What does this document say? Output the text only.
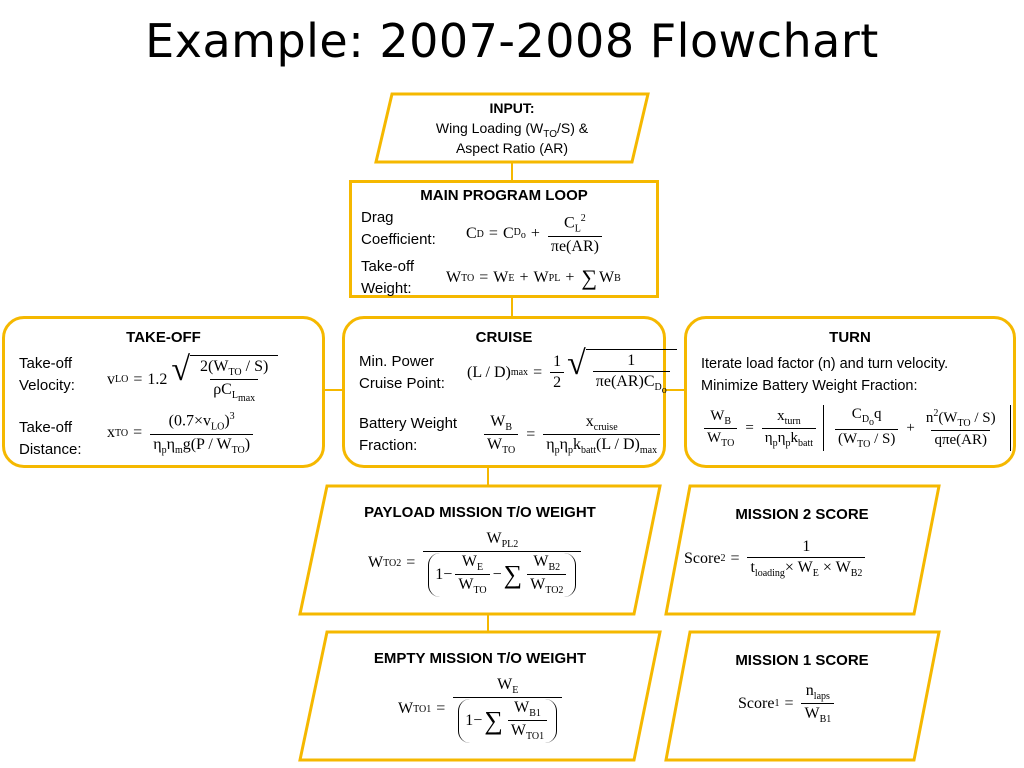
Example: 2007-2008 Flowchart
INPUT:
Wing Loading $(W_{TO}/S)$ &
Aspect Ratio (AR)
MAIN PROGRAM LOOP
Drag
Coefficient: C D = C $D_o + \frac{C_L^2}{\pi e(AR)}$
Take-off
Weight:
W TO = W E + W PL + ∑ W B
TAKE-OFF
Take-off
Velocity: v LO = 1.2 √ $\frac{2(W_{TO} / S)}{\rho C_{L_{max}}}$
Take-off
Distance:
x TO = $\frac{(0.7\times v_{LO})^3}{\eta_p\eta_mg(P / W_{TO})}$
CRUISE
Min. Power
Cruise Point:
(L / D) $\max = \frac{1}{2}$ √ $\frac{1}{\pi e(AR)C_{D_o}}$
Battery Weight
Fraction:	$\frac{W_B}{W_{TO}} = \frac{x_{cruise}}{\eta_p\eta_pk_{batt}(L / D)_{max}}$
TURN
Iterate load factor (n) and turn velocity.
Minimize Battery Weight Fraction:
$\frac{W_B}{W_{TO}} = \frac{x_{turn}}{\eta_p\eta_pk_{batt}} \frac{C_{D_o}q}{(W_{TO} / S)} + \frac{n^2(W_{TO} / S)}{\text{qπe(AR)}}$
PAYLOAD MISSION T/O WEIGHT
W $TO2 = \frac{W_{PL2}}{1- \frac{W_E}{W_{TO}} - \sum \frac{W_{B2}}{W_{TO2}}}$
MISSION 2 SCORE
Score $2 = \frac{1}{t_{loading}\times W_E \times W_{B2}}$
EMPTY MISSION T/O WEIGHT
W $TO1 = \frac{W_E}{1- \sum \frac{W_{B1}}{W_{TO1}}}$
MISSION 1 SCORE
Score $1 = \frac{n_{laps}}{W_{B1}}$
